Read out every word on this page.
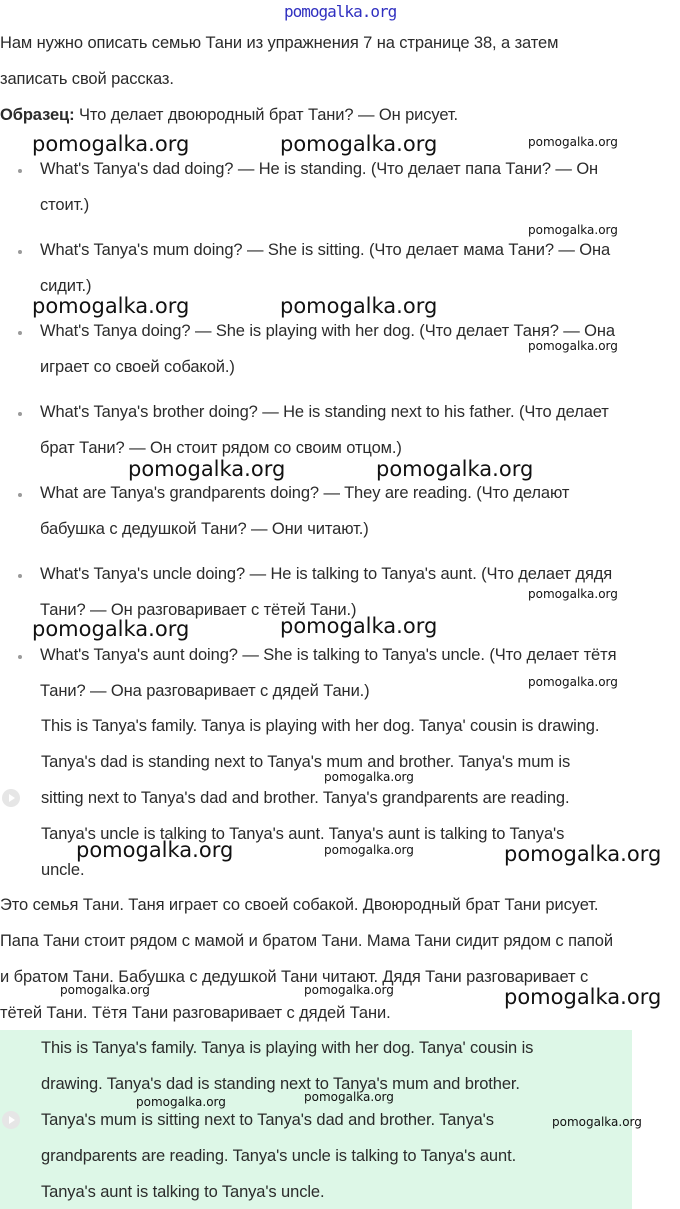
pomogalka.org
Нам нужно описать семью Тани из упражнения 7 на странице 38, а затем
записать свой рассказ.
Образец: Что делает двоюродный брат Тани? — Он рисует.
What's Tanya's dad doing? — He is standing. (Что делает папа Тани? — Он
стоит.)
What's Tanya's mum doing? — She is sitting. (Что делает мама Тани? — Она
сидит.)
What's Tanya doing? — She is playing with her dog. (Что делает Таня? — Она
играет со своей собакой.)
What's Tanya's brother doing? — He is standing next to his father. (Что делает
брат Тани? — Он стоит рядом со своим отцом.)
What are Tanya's grandparents doing? — They are reading. (Что делают
бабушка с дедушкой Тани? — Они читают.)
What's Tanya's uncle doing? — He is talking to Tanya's aunt. (Что делает дядя
Тани? — Он разговаривает с тётей Тани.)
What's Tanya's aunt doing? — She is talking to Tanya's uncle. (Что делает тётя
Тани? — Она разговаривает с дядей Тани.)
This is Tanya's family. Tanya is playing with her dog. Tanya' cousin is drawing.
Tanya's dad is standing next to Tanya's mum and brother. Tanya's mum is
sitting next to Tanya's dad and brother. Tanya's grandparents are reading.
Tanya's uncle is talking to Tanya's aunt. Tanya's aunt is talking to Tanya's
uncle.
Это семья Тани. Таня играет со своей собакой. Двоюродный брат Тани рисует.
Папа Тани стоит рядом с мамой и братом Тани. Мама Тани сидит рядом с папой
и братом Тани. Бабушка с дедушкой Тани читают. Дядя Тани разговаривает с
тётей Тани. Тётя Тани разговаривает с дядей Тани.
This is Tanya's family. Tanya is playing with her dog. Tanya' cousin is
drawing. Tanya's dad is standing next to Tanya's mum and brother.
Tanya's mum is sitting next to Tanya's dad and brother. Tanya's
grandparents are reading. Tanya's uncle is talking to Tanya's aunt.
Tanya's aunt is talking to Tanya's uncle.
pomogalka.org	pomogalka.org
pomogalka.org	pomogalka.org
pomogalka.org	pomogalka.org
pomogalka.org	pomogalka.org
pomogalka.org	pomogalka.org
pomogalka.org
pomogalka.org
pomogalka.org
pomogalka.org
pomogalka.org
pomogalka.org
pomogalka.org
pomogalka.org
pomogalka.org	pomogalka.org
pomogalka.org	pomogalka.org
pomogalka.org
